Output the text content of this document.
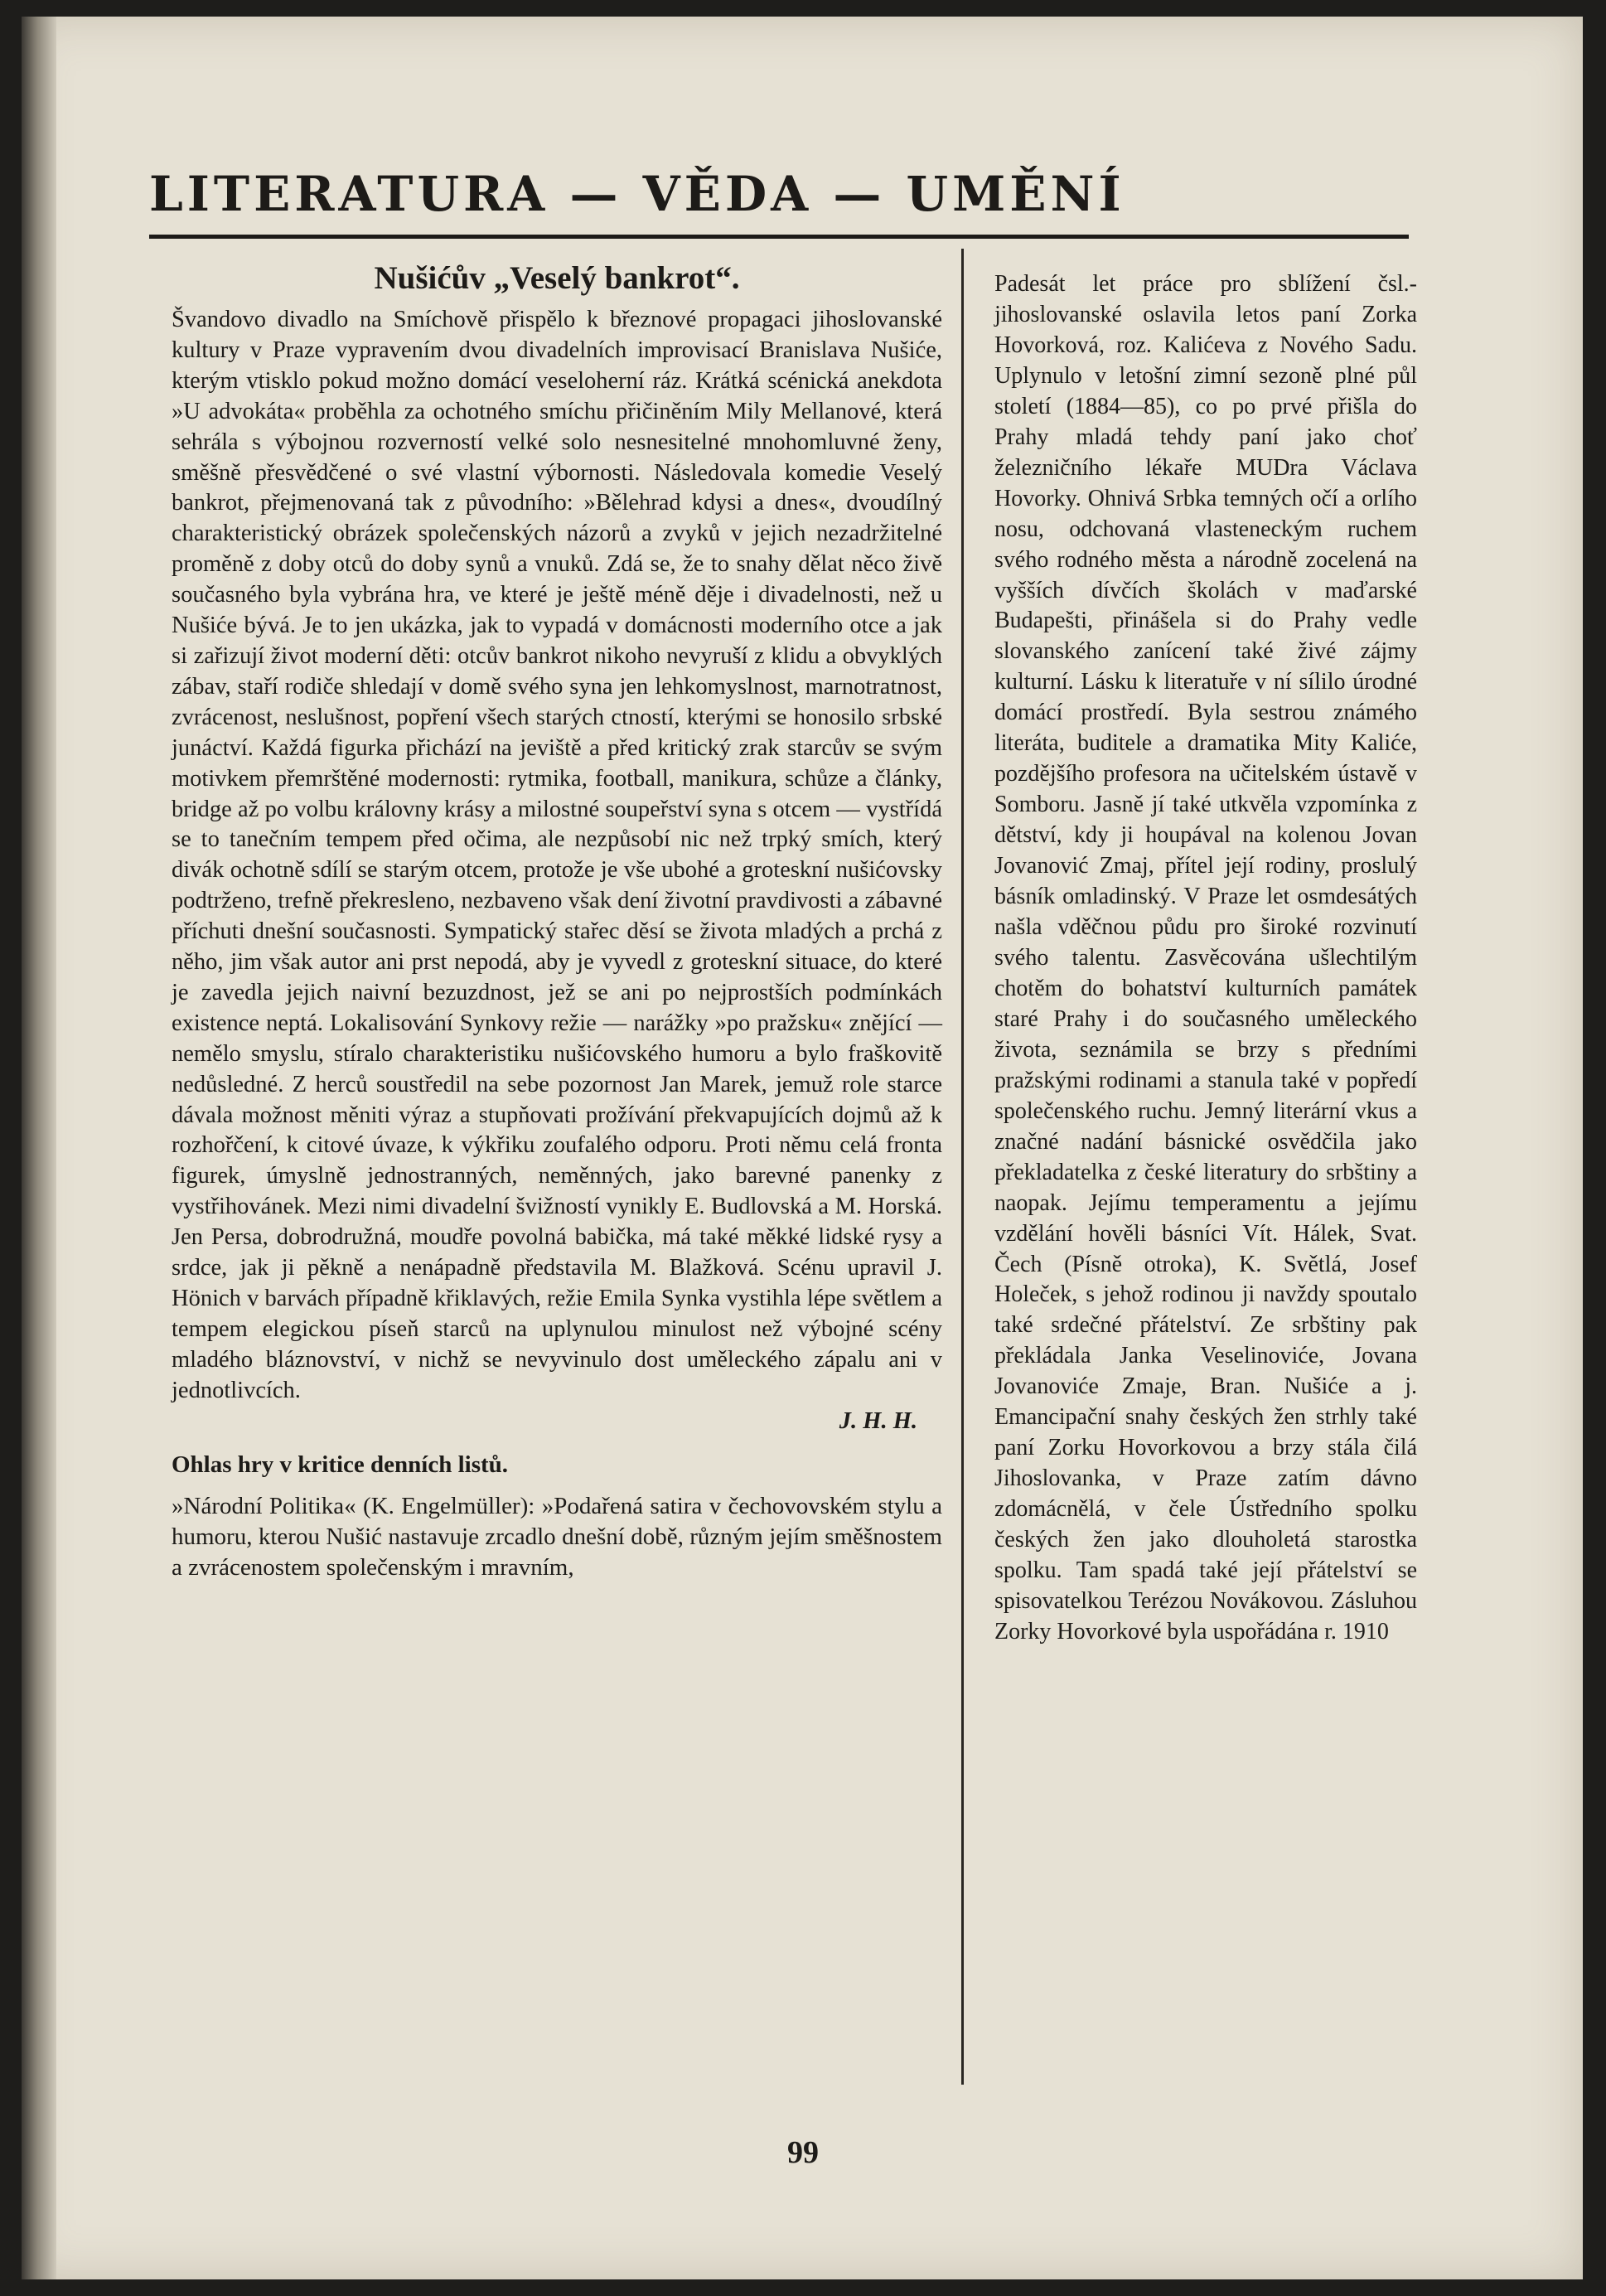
LITERATURA — VĚDA — UMĚNÍ
Nušićův „Veselý bankrot“.

Švandovo divadlo na Smíchově přispělo k březnové propagaci jihoslovanské kultury v Praze vypravením dvou divadelních improvisací Branislava Nušiće, kterým vtisklo pokud možno domácí veseloherní ráz. Krátká scénická anekdota »U advokáta« proběhla za ochotného smíchu přičiněním Mily Mellanové, která sehrála s výbojnou rozverností velké solo nesnesitelné mnohomluvné ženy, směšně přesvědčené o své vlastní výbornosti. Následovala komedie Veselý bankrot, přejmenovaná tak z původního: »Bělehrad kdysi a dnes«, dvoudílný charakteristický obrázek společenských názorů a zvyků v jejich nezadržitelné proměně z doby otců do doby synů a vnuků. Zdá se, že to snahy dělat něco živě současného byla vybrána hra, ve které je ještě méně děje i divadelnosti, než u Nušiće bývá. Je to jen ukázka, jak to vypadá v domácnosti moderního otce a jak si zařizují život moderní děti: otcův bankrot nikoho nevyruší z klidu a obvyklých zábav, staří rodiče shledají v domě svého syna jen lehkomyslnost, marnotratnost, zvrácenost, neslušnost, popření všech starých ctností, kterými se honosilo srbské junáctví. Každá figurka přichází na jeviště a před kritický zrak starcův se svým motivkem přemrštěné modernosti: rytmika, football, manikura, schůze a články, bridge až po volbu královny krásy a milostné soupeřství syna s otcem — vystřídá se to tanečním tempem před očima, ale nezpůsobí nic než trpký smích, který divák ochotně sdílí se starým otcem, protože je vše ubohé a groteskní nušićovsky podtrženo, trefně překresleno, nezbaveno však dení životní pravdivosti a zábavné příchuti dnešní současnosti. Sympatický stařec děsí se života mladých a prchá z něho, jim však autor ani prst nepodá, aby je vyvedl z groteskní situace, do které je zavedla jejich naivní bezuzdnost, jež se ani po nejprostších podmínkách existence neptá. Lokalisování Synkovy režie — narážky »po pražsku« znějící — nemělo smyslu, stíralo charakteristiku nušićovského humoru a bylo fraškovitě nedůsledné. Z herců soustředil na sebe pozornost Jan Marek, jemuž role starce dávala možnost měniti výraz a stupňovati prožívání překvapujících dojmů až k rozhořčení, k citové úvaze, k výkřiku zoufalého odporu. Proti němu celá fronta figurek, úmyslně jednostranných, neměnných, jako barevné panenky z vystřihovánek. Mezi nimi divadelní švižností vynikly E. Budlovská a M. Horská. Jen Persa, dobrodružná, moudře povolná babička, má také měkké lidské rysy a srdce, jak ji pěkně a nenápadně představila M. Blažková. Scénu upravil J. Hönich v barvách případně křiklavých, režie Emila Synka vystihla lépe světlem a tempem elegickou píseň starců na uplynulou minulost než výbojné scény mladého bláznovství, v nichž se nevyvinulo dost uměleckého zápalu ani v jednotlivcích.

J. H. H.

Ohlas hry v kritice denních listů.

»Národní Politika« (K. Engelmüller): »Podařená satira v čechovovském stylu a humoru, kterou Nušić nastavuje zrcadlo dnešní době, různým jejím směšnostem a zvrácenostem společenským i mravním,

Padesát let práce pro sblížení čsl.-jihoslovanské oslavila letos paní Zorka Hovorková, roz. Kalićeva z Nového Sadu. Uplynulo v letošní zimní sezoně plné půl století (1884—85), co po prvé přišla do Prahy mladá tehdy paní jako choť železničního lékaře MUDra Václava Hovorky. Ohnivá Srbka temných očí a orlího nosu, odchovaná vlasteneckým ruchem svého rodného města a národně zocelená na vyšších dívčích školách v maďarské Budapešti, přinášela si do Prahy vedle slovanského zanícení také živé zájmy kulturní. Lásku k literatuře v ní sílilo úrodné domácí prostředí. Byla sestrou známého literáta, buditele a dramatika Mity Kaliće, pozdějšího profesora na učitelském ústavě v Somboru. Jasně jí také utkvěla vzpomínka z dětství, kdy ji houpával na kolenou Jovan Jovanović Zmaj, přítel její rodiny, proslulý básník omladinský. V Praze let osmdesátých našla vděčnou půdu pro široké rozvinutí svého talentu. Zasvěcována ušlechtilým chotěm do bohatství kulturních památek staré Prahy i do současného uměleckého života, seznámila se brzy s předními pražskými rodinami a stanula také v popředí společenského ruchu. Jemný literární vkus a značné nadání básnické osvědčila jako překladatelka z české literatury do srbštiny a naopak. Jejímu temperamentu a jejímu vzdělání hověli básníci Vít. Hálek, Svat. Čech (Písně otroka), K. Světlá, Josef Holeček, s jehož rodinou ji navždy spoutalo také srdečné přátelství. Ze srbštiny pak překládala Janka Veselinoviće, Jovana Jovanoviće Zmaje, Bran. Nušiće a j. Emancipační snahy českých žen strhly také paní Zorku Hovorkovou a brzy stála čilá Jihoslovanka, v Praze zatím dávno zdomácnělá, v čele Ústředního spolku českých žen jako dlouholetá starostka spolku. Tam spadá také její přátelství se spisovatelkou Terézou Novákovou. Zásluhou Zorky Hovorkové byla uspořádána r. 1910

99
